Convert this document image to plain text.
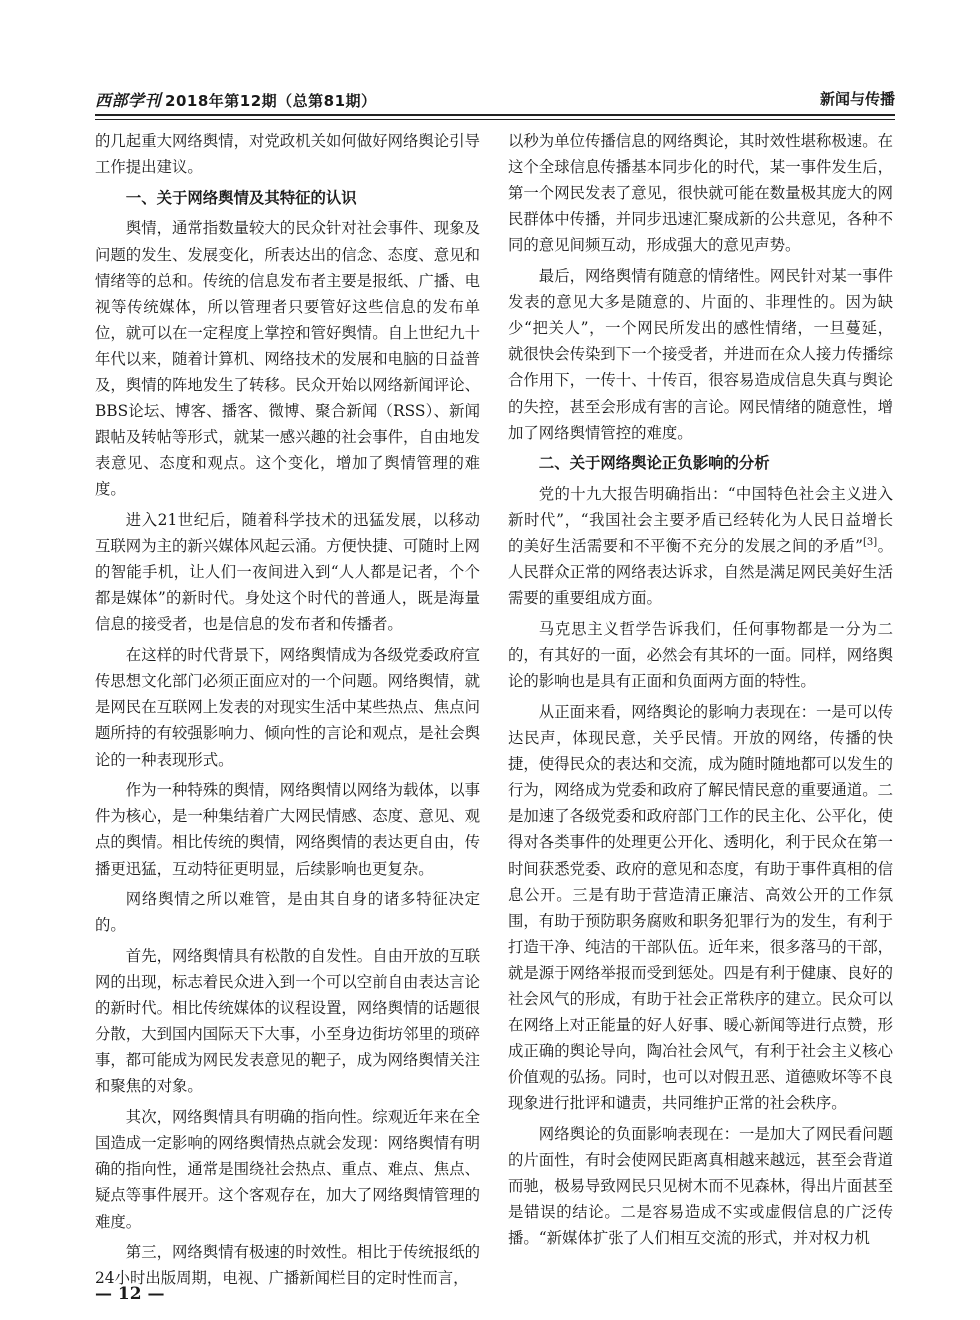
西部学刊 2018年第12期（总第81期）	新闻与传播

的几起重大网络舆情，对党政机关如何做好网络舆论引导工作提出建议。

一、关于网络舆情及其特征的认识

舆情，通常指数量较大的民众针对社会事件、现象及问题的发生、发展变化，所表达出的信念、态度、意见和情绪等的总和。传统的信息发布者主要是报纸、广播、电视等传统媒体，所以管理者只要管好这些信息的发布单位，就可以在一定程度上掌控和管好舆情。自上世纪九十年代以来，随着计算机、网络技术的发展和电脑的日益普及，舆情的阵地发生了转移。民众开始以网络新闻评论、BBS论坛、博客、播客、微博、聚合新闻（RSS）、新闻跟帖及转帖等形式，就某一感兴趣的社会事件，自由地发表意见、态度和观点。这个变化，增加了舆情管理的难度。

进入21世纪后，随着科学技术的迅猛发展，以移动互联网为主的新兴媒体风起云涌。方便快捷、可随时上网的智能手机，让人们一夜间进入到“人人都是记者，个个都是媒体”的新时代。身处这个时代的普通人，既是海量信息的接受者，也是信息的发布者和传播者。

在这样的时代背景下，网络舆情成为各级党委政府宣传思想文化部门必须正面应对的一个问题。网络舆情，就是网民在互联网上发表的对现实生活中某些热点、焦点问题所持的有较强影响力、倾向性的言论和观点，是社会舆论的一种表现形式。

作为一种特殊的舆情，网络舆情以网络为载体，以事件为核心，是一种集结着广大网民情感、态度、意见、观点的舆情。相比传统的舆情，网络舆情的表达更自由，传播更迅猛，互动特征更明显，后续影响也更复杂。

网络舆情之所以难管，是由其自身的诸多特征决定的。

首先，网络舆情具有松散的自发性。自由开放的互联网的出现，标志着民众进入到一个可以空前自由表达言论的新时代。相比传统媒体的议程设置，网络舆情的话题很分散，大到国内国际天下大事，小至身边街坊邻里的琐碎事，都可能成为网民发表意见的靶子，成为网络舆情关注和聚焦的对象。

其次，网络舆情具有明确的指向性。综观近年来在全国造成一定影响的网络舆情热点就会发现：网络舆情有明确的指向性，通常是围绕社会热点、重点、难点、焦点、疑点等事件展开。这个客观存在，加大了网络舆情管理的难度。

第三，网络舆情有极速的时效性。相比于传统报纸的24小时出版周期，电视、广播新闻栏目的定时性而言，

以秒为单位传播信息的网络舆论，其时效性堪称极速。在这个全球信息传播基本同步化的时代，某一事件发生后，第一个网民发表了意见，很快就可能在数量极其庞大的网民群体中传播，并同步迅速汇聚成新的公共意见，各种不同的意见间频互动，形成强大的意见声势。

最后，网络舆情有随意的情绪性。网民针对某一事件发表的意见大多是随意的、片面的、非理性的。因为缺少“把关人”，一个网民所发出的感性情绪，一旦蔓延，就很快会传染到下一个接受者，并进而在众人接力传播综合作用下，一传十、十传百，很容易造成信息失真与舆论的失控，甚至会形成有害的言论。网民情绪的随意性，增加了网络舆情管控的难度。

二、关于网络舆论正负影响的分析

党的十九大报告明确指出：“中国特色社会主义进入新时代”，“我国社会主要矛盾已经转化为人民日益增长的美好生活需要和不平衡不充分的发展之间的矛盾”[3]。人民群众正常的网络表达诉求，自然是满足网民美好生活需要的重要组成方面。

马克思主义哲学告诉我们，任何事物都是一分为二的，有其好的一面，必然会有其坏的一面。同样，网络舆论的影响也是具有正面和负面两方面的特性。

从正面来看，网络舆论的影响力表现在：一是可以传达民声，体现民意，关乎民情。开放的网络，传播的快捷，使得民众的表达和交流，成为随时随地都可以发生的行为，网络成为党委和政府了解民情民意的重要通道。二是加速了各级党委和政府部门工作的民主化、公平化，使得对各类事件的处理更公开化、透明化，利于民众在第一时间获悉党委、政府的意见和态度，有助于事件真相的信息公开。三是有助于营造清正廉洁、高效公开的工作氛围，有助于预防职务腐败和职务犯罪行为的发生，有利于打造干净、纯洁的干部队伍。近年来，很多落马的干部，就是源于网络举报而受到惩处。四是有利于健康、良好的社会风气的形成，有助于社会正常秩序的建立。民众可以在网络上对正能量的好人好事、暖心新闻等进行点赞，形成正确的舆论导向，陶冶社会风气，有利于社会主义核心价值观的弘扬。同时，也可以对假丑恶、道德败坏等不良现象进行批评和谴责，共同维护正常的社会秩序。

网络舆论的负面影响表现在：一是加大了网民看问题的片面性，有时会使网民距离真相越来越远，甚至会背道而驰，极易导致网民只见树木而不见森林，得出片面甚至是错误的结论。二是容易造成不实或虚假信息的广泛传播。“新媒体扩张了人们相互交流的形式，并对权力机

— 12 —
